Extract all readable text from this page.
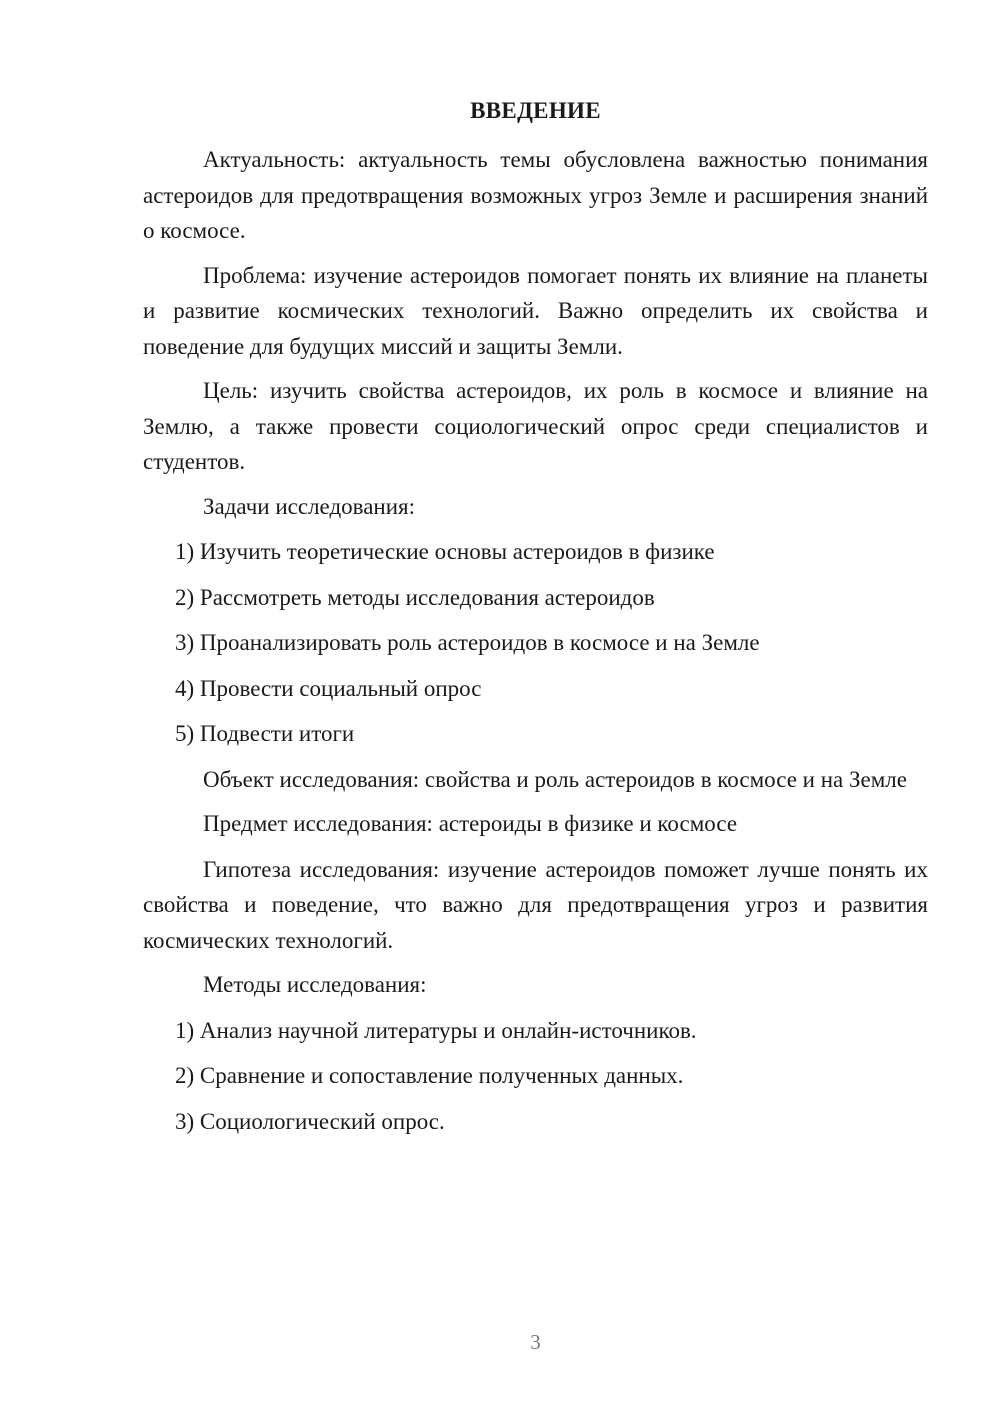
ВВЕДЕНИЕ

Актуальность: актуальность темы обусловлена важностью понимания астероидов для предотвращения возможных угроз Земле и расширения знаний о космосе.

Проблема: изучение астероидов помогает понять их влияние на планеты и развитие космических технологий. Важно определить их свойства и поведение для будущих миссий и защиты Земли.

Цель: изучить свойства астероидов, их роль в космосе и влияние на Землю, а также провести социологический опрос среди специалистов и студентов.

Задачи исследования:

1) Изучить теоретические основы астероидов в физике
2) Рассмотреть методы исследования астероидов
3) Проанализировать роль астероидов в космосе и на Земле
4) Провести социальный опрос
5) Подвести итоги

Объект исследования: свойства и роль астероидов в космосе и на Земле

Предмет исследования: астероиды в физике и космосе

Гипотеза исследования: изучение астероидов поможет лучше понять их свойства и поведение, что важно для предотвращения угроз и развития космических технологий.

Методы исследования:

1) Анализ научной литературы и онлайн-источников.
2) Сравнение и сопоставление полученных данных.
3) Социологический опрос.
3
